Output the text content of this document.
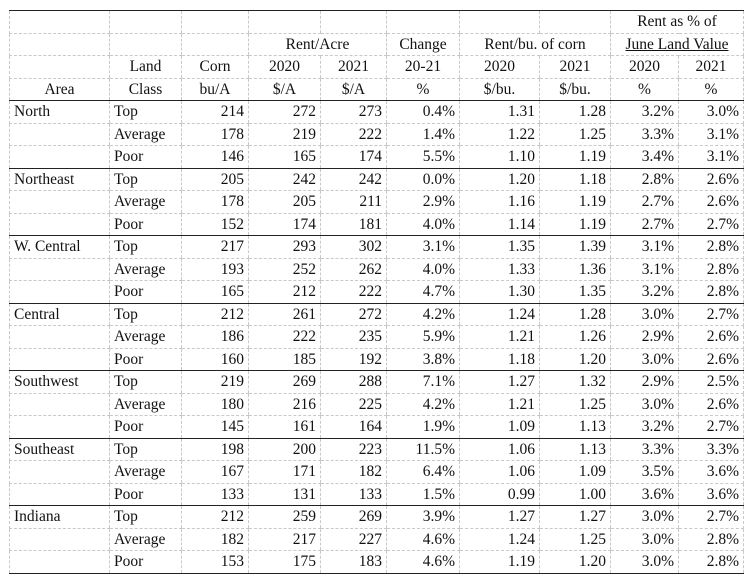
								Rent as % of	
			Rent/Acre		Change	Rent/bu. of corn		June Land Value	
	Land	Corn	2020	2021	20-21	2020	2021	2020	2021
Area	Class	bu/A	$/A	$/A	%	$/bu.	$/bu.	%	%
North	Top	214	272	273	0.4%	1.31	1.28	3.2%	3.0%
	Average	178	219	222	1.4%	1.22	1.25	3.3%	3.1%
	Poor	146	165	174	5.5%	1.10	1.19	3.4%	3.1%
Northeast	Top	205	242	242	0.0%	1.20	1.18	2.8%	2.6%
	Average	178	205	211	2.9%	1.16	1.19	2.7%	2.6%
	Poor	152	174	181	4.0%	1.14	1.19	2.7%	2.7%
W. Central	Top	217	293	302	3.1%	1.35	1.39	3.1%	2.8%
	Average	193	252	262	4.0%	1.33	1.36	3.1%	2.8%
	Poor	165	212	222	4.7%	1.30	1.35	3.2%	2.8%
Central	Top	212	261	272	4.2%	1.24	1.28	3.0%	2.7%
	Average	186	222	235	5.9%	1.21	1.26	2.9%	2.6%
	Poor	160	185	192	3.8%	1.18	1.20	3.0%	2.6%
Southwest	Top	219	269	288	7.1%	1.27	1.32	2.9%	2.5%
	Average	180	216	225	4.2%	1.21	1.25	3.0%	2.6%
	Poor	145	161	164	1.9%	1.09	1.13	3.2%	2.7%
Southeast	Top	198	200	223	11.5%	1.06	1.13	3.3%	3.3%
	Average	167	171	182	6.4%	1.06	1.09	3.5%	3.6%
	Poor	133	131	133	1.5%	0.99	1.00	3.6%	3.6%
Indiana	Top	212	259	269	3.9%	1.27	1.27	3.0%	2.7%
	Average	182	217	227	4.6%	1.24	1.25	3.0%	2.8%
	Poor	153	175	183	4.6%	1.19	1.20	3.0%	2.8%
